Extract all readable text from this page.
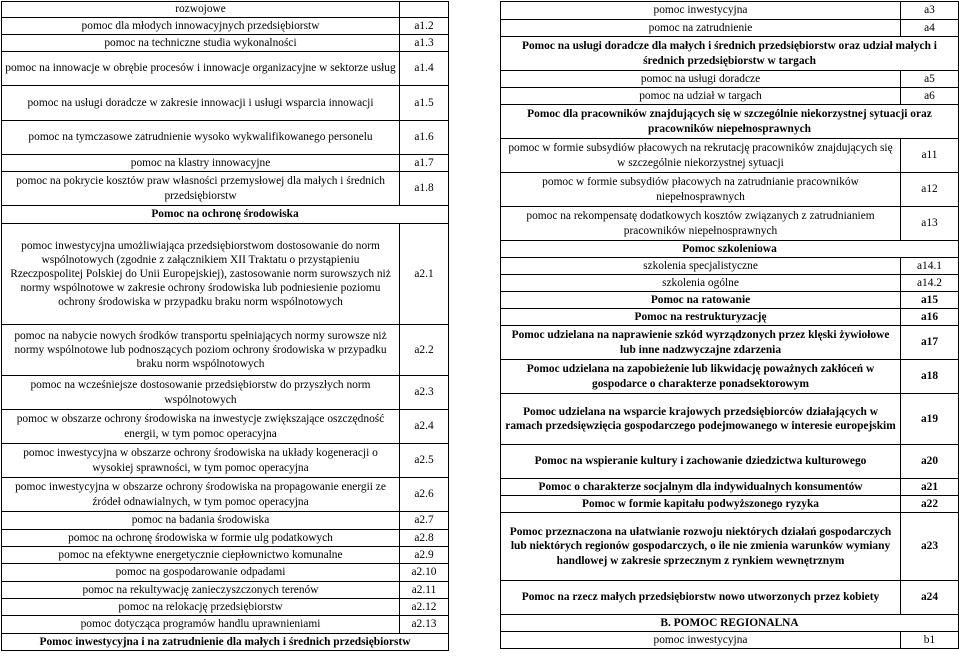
rozwojowe	
pomoc dla młodych innowacyjnych przedsiębiorstw	a1.2
pomoc na techniczne studia wykonalności	a1.3
pomoc na innowacje w obrębie procesów i innowacje organizacyjne w sektorze usług	a1.4
pomoc na usługi doradcze w zakresie innowacji i usługi wsparcia innowacji	a1.5
pomoc na tymczasowe zatrudnienie wysoko wykwalifikowanego personelu	a1.6
pomoc na klastry innowacyjne	a1.7
pomoc na pokrycie kosztów praw własności przemysłowej dla małych i średnich przedsiębiorstw	a1.8
Pomoc na ochronę środowiska	
pomoc inwestycyjna umożliwiająca przedsiębiorstwom dostosowanie do norm wspólnotowych (zgodnie z załącznikiem XII Traktatu o przystąpieniu Rzeczpospolitej Polskiej do Unii Europejskiej), zastosowanie norm surowszych niż normy wspólnotowe w zakresie ochrony środowiska lub podniesienie poziomu ochrony środowiska w przypadku braku norm wspólnotowych	a2.1
pomoc na nabycie nowych środków transportu spełniających normy surowsze niż normy wspólnotowe lub podnoszących poziom ochrony środowiska w przypadku braku norm wspólnotowych	a2.2
pomoc na wcześniejsze dostosowanie przedsiębiorstw do przyszłych norm wspólnotowych	a2.3
pomoc w obszarze ochrony środowiska na inwestycje zwiększające oszczędność energii, w tym pomoc operacyjna	a2.4
pomoc inwestycyjna w obszarze ochrony środowiska na układy kogeneracji o wysokiej sprawności, w tym pomoc operacyjna	a2.5
pomoc inwestycyjna w obszarze ochrony środowiska na propagowanie energii ze źródeł odnawialnych, w tym pomoc operacyjna	a2.6
pomoc na badania środowiska	a2.7
pomoc na ochronę środowiska w formie ulg podatkowych	a2.8
pomoc na efektywne energetycznie ciepłownictwo komunalne	a2.9
pomoc na gospodarowanie odpadami	a2.10
pomoc na rekultywację zanieczyszczonych terenów	a2.11
pomoc na relokację przedsiębiorstw	a2.12
pomoc dotycząca programów handlu uprawnieniami	a2.13
Pomoc inwestycyjna i na zatrudnienie dla małych i średnich przedsiębiorstw	
pomoc inwestycyjna	a3
pomoc na zatrudnienie	a4
Pomoc na usługi doradcze dla małych i średnich przedsiębiorstw oraz udział małych i średnich przedsiębiorstw w targach	
pomoc na usługi doradcze	a5
pomoc na udział w targach	a6
Pomoc dla pracowników znajdujących się w szczególnie niekorzystnej sytuacji oraz pracowników niepełnosprawnych	
pomoc w formie subsydiów płacowych na rekrutację pracowników znajdujących się w szczególnie niekorzystnej sytuacji	a11
pomoc w formie subsydiów płacowych na zatrudnianie pracowników niepełnosprawnych	a12
pomoc na rekompensatę dodatkowych kosztów związanych z zatrudnianiem pracowników niepełnosprawnych	a13
Pomoc szkoleniowa	
szkolenia specjalistyczne	a14.1
szkolenia ogólne	a14.2
Pomoc na ratowanie	a15
Pomoc na restrukturyzację	a16
Pomoc udzielana na naprawienie szkód wyrządzonych przez klęski żywiołowe lub inne nadzwyczajne zdarzenia	a17
Pomoc udzielana na zapobieżenie lub likwidację poważnych zakłóceń w gospodarce o charakterze ponadsektorowym	a18
Pomoc udzielana na wsparcie krajowych przedsiębiorców działających w ramach przedsięwzięcia gospodarczego podejmowanego w interesie europejskim	a19
Pomoc na wspieranie kultury i zachowanie dziedzictwa kulturowego	a20
Pomoc o charakterze socjalnym dla indywidualnych konsumentów	a21
Pomoc w formie kapitału podwyższonego ryzyka	a22
Pomoc przeznaczona na ułatwianie rozwoju niektórych działań gospodarczych lub niektórych regionów gospodarczych, o ile nie zmienia warunków wymiany handlowej w zakresie sprzecznym z rynkiem wewnętrznym	a23
Pomoc na rzecz małych przedsiębiorstw nowo utworzonych przez kobiety	a24
B. POMOC REGIONALNA	
pomoc inwestycyjna	b1
